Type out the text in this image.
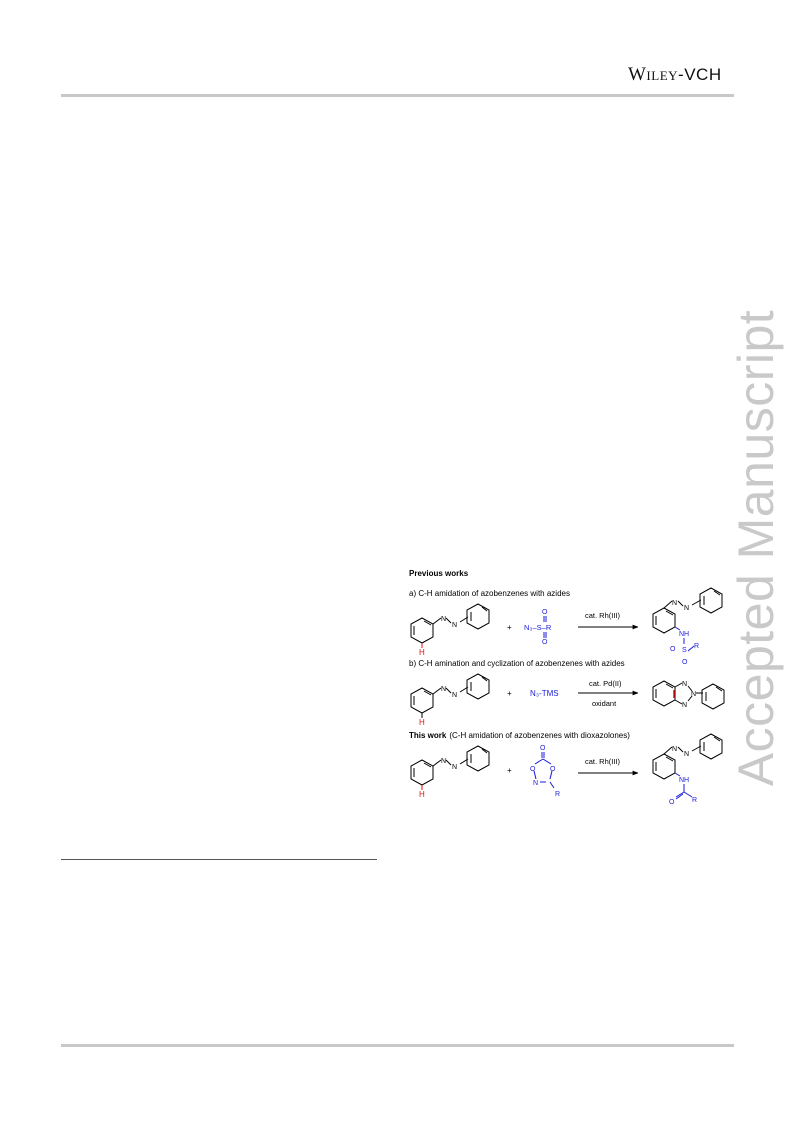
Wiley-VCH
Accepted Manuscript
Previous works
a) C-H amidation of azobenzenes with azides
N
N
H
+ N₃–S–R
O
O
cat. Rh(III)
N
N
NH
S
O
O
R
b) C-H amination and cyclization of azobenzenes with azides
N
N
H
+ N₃-TMS
cat. Pd(II)
oxidant
N
N
N
This work (C-H amidation of azobenzenes with dioxazolones)
N
N
H
+
O
O O
N
R
cat. Rh(III)
N
N
NH
O	R
